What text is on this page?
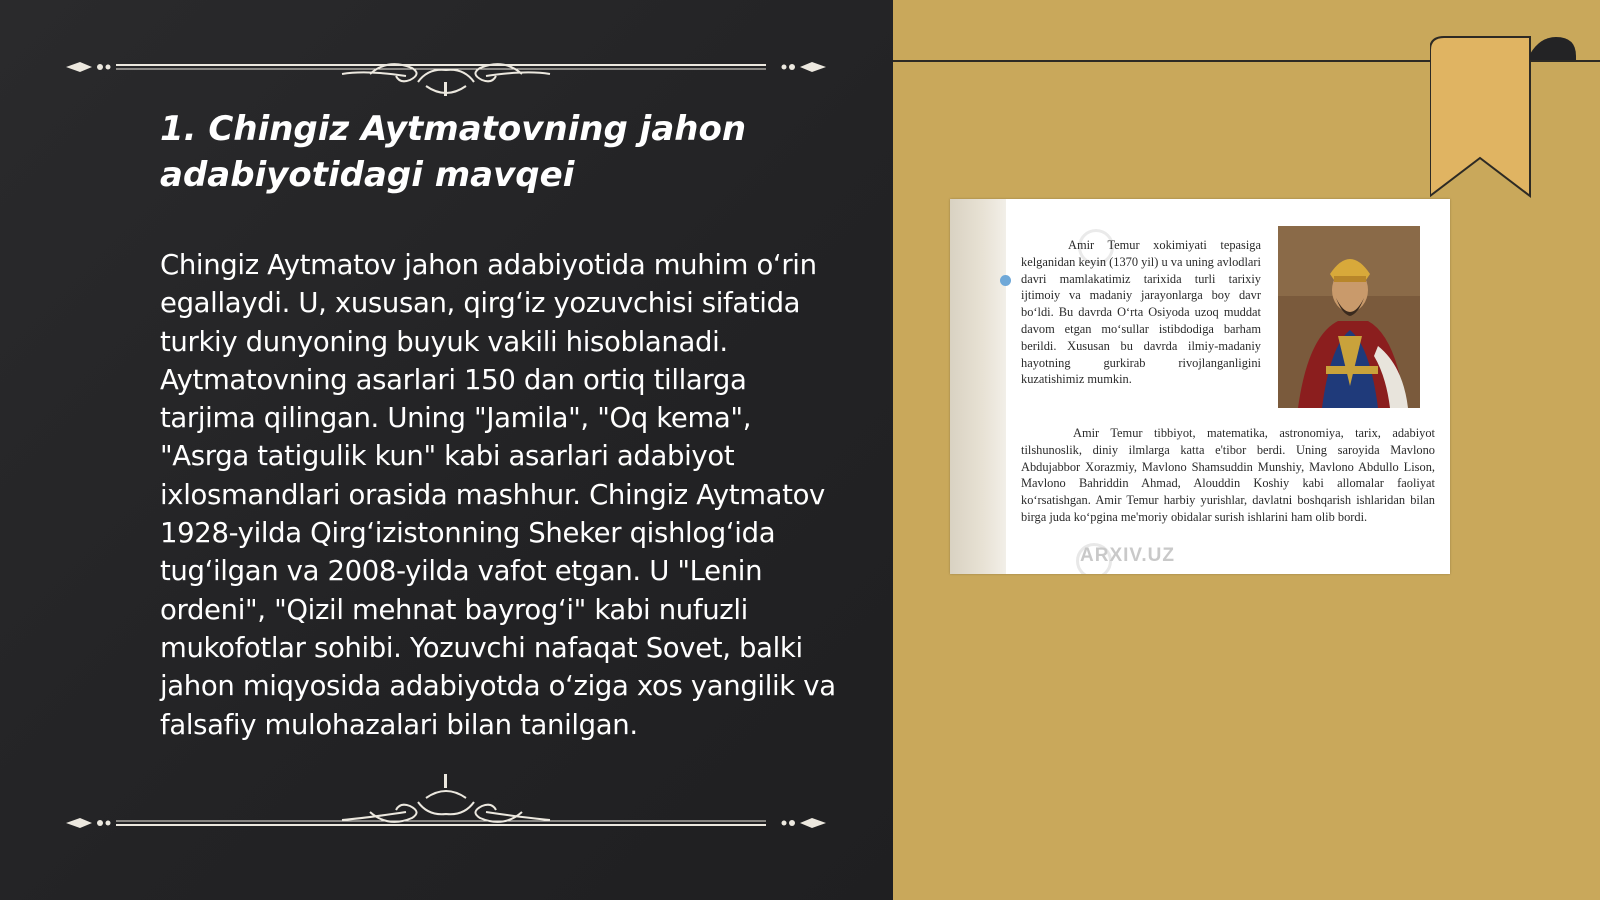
1. Chingiz Aytmatovning jahon adabiyotidagi mavqei

Chingiz Aytmatov jahon adabiyotida muhim o‘rin egallaydi. U, xususan, qirg‘iz yozuvchisi sifatida turkiy dunyoning buyuk vakili hisoblanadi. Aytmatovning asarlari 150 dan ortiq tillarga tarjima qilingan. Uning "Jamila", "Oq kema", "Asrga tatigulik kun" kabi asarlari adabiyot ixlosmandlari orasida mashhur. Chingiz Aytmatov 1928-yilda Qirg‘izistonning Sheker qishlog‘ida tug‘ilgan va 2008-yilda vafot etgan. U "Lenin ordeni", "Qizil mehnat bayrog‘i" kabi nufuzli mukofotlar sohibi. Yozuvchi nafaqat Sovet, balki jahon miqyosida adabiyotda o‘ziga xos yangilik va falsafiy mulohazalari bilan tanilgan.

Amir Temur xokimiyati tepasiga kelganidan keyin (1370 yil) u va uning avlodlari davri mamlakatimiz tarixida turli tarixiy ijtimoiy va madaniy jarayonlarga boy davr bo‘ldi. Bu davrda O‘rta Osiyoda uzoq muddat davom etgan mo‘sullar istibdodiga barham berildi. Xususan bu davrda ilmiy-madaniy hayotning gurkirab rivojlanganligini kuzatishimiz mumkin.

Amir Temur tibbiyot, matematika, astronomiya, tarix, adabiyot tilshunoslik, diniy ilmlarga katta e'tibor berdi. Uning saroyida Mavlono Abdujabbor Xorazmiy, Mavlono Shamsuddin Munshiy, Mavlono Abdullo Lison, Mavlono Bahriddin Ahmad, Alouddin Koshiy kabi allomalar faoliyat ko‘rsatishgan. Amir Temur harbiy yurishlar, davlatni boshqarish ishlaridan bilan birga juda ko‘pgina me'moriy obidalar surish ishlarini ham olib bordi.

ARXIV.UZ
